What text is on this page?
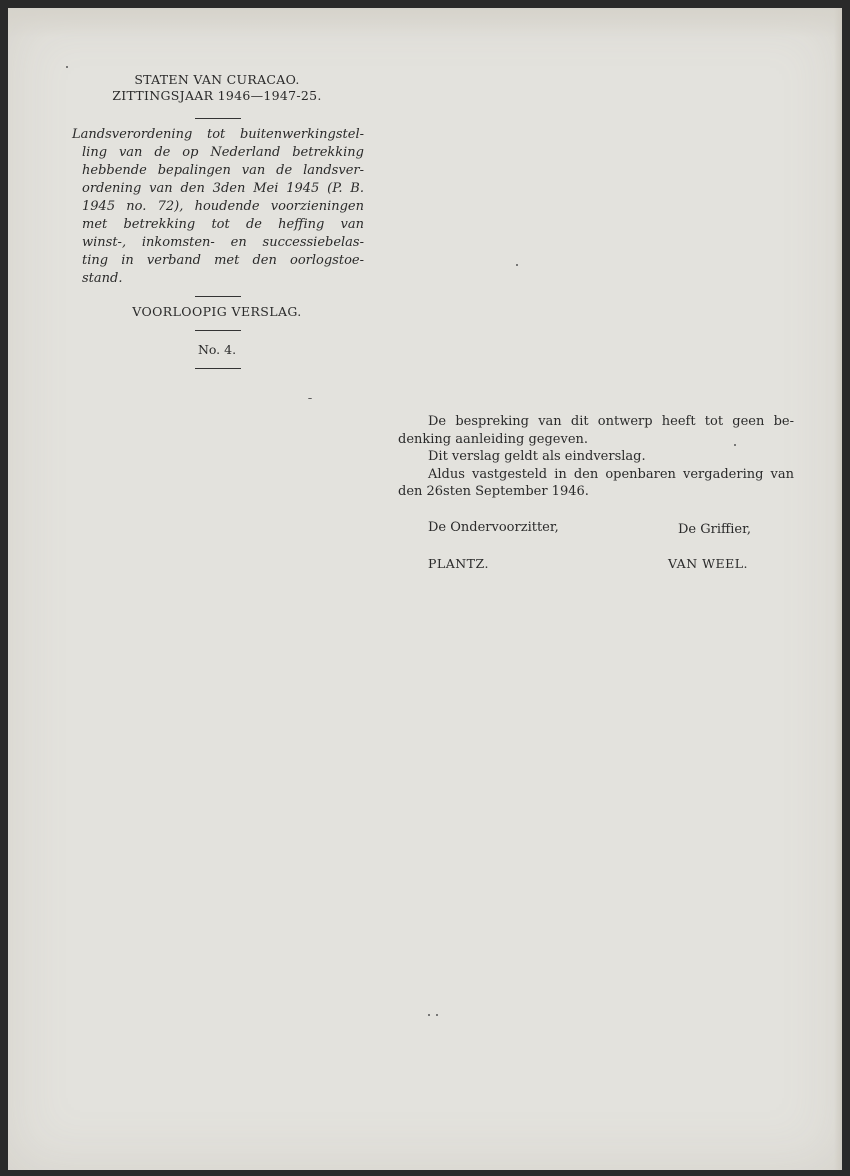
STATEN VAN CURACAO.
ZITTINGSJAAR 1946—1947-25.
Landsverordening tot buitenwerkingstel-
ling van de op Nederland betrekking
hebbende bepalingen van de landsver-
ordening van den 3den Mei 1945 (P. B.
1945 no. 72), houdende voorzieningen
met betrekking tot de heffing van
winst-, inkomsten- en successiebelas-
ting in verband met den oorlogstoe-
stand.
VOORLOOPIG VERSLAG.
No. 4.
De bespreking van dit ontwerp heeft tot geen be-
denking aanleiding gegeven.
Dit verslag geldt als eindverslag.
Aldus vastgesteld in den openbaren vergadering van
den 26sten September 1946.
De Ondervoorzitter,	De Griffier,
PLANTZ.	VAN WEEL.
